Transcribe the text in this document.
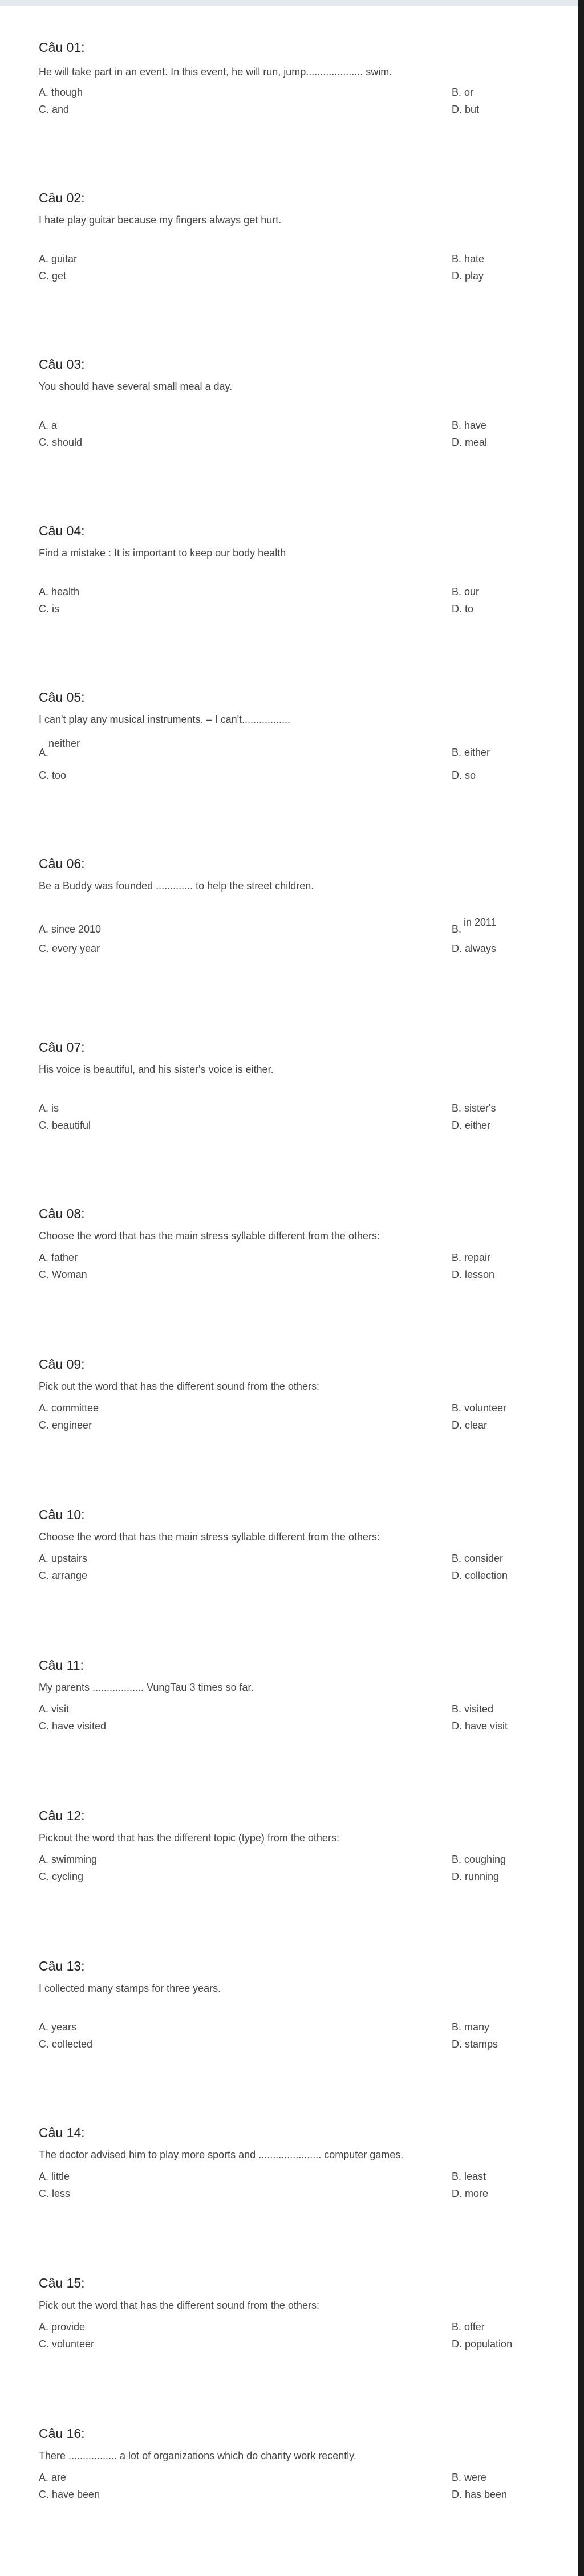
Câu 01:
He will take part in an event. In this event, he will run, jump.................... swim.
A. though	B. or
C. and	D. but
Câu 02:
I hate play guitar because my fingers always get hurt.
A. guitar	B. hate
C. get	D. play
Câu 03:
You should have several small meal a day.
A. a	B. have
C. should	D. meal
Câu 04:
Find a mistake : It is important to keep our body health
A. health	B. our
C. is	D. to
Câu 05:
I can't play any musical instruments. – I can't.................
A.neither
B. either
C. too	D. so
Câu 06:
Be a Buddy was founded ............. to help the street children.
A. since 2010	B.in 2011
C. every year	D. always
Câu 07:
His voice is beautiful, and his sister's voice is either.
A. is	B. sister's
C. beautiful	D. either
Câu 08:
Choose the word that has the main stress syllable different from the others:
A. father	B. repair
C. Woman	D. lesson
Câu 09:
Pick out the word that has the different sound from the others:
A. committee	B. volunteer
C. engineer	D. clear
Câu 10:
Choose the word that has the main stress syllable different from the others:
A. upstairs	B. consider
C. arrange	D. collection
Câu 11:
My parents .................. VungTau 3 times so far.
A. visit	B. visited
C. have visited	D. have visit
Câu 12:
Pickout the word that has the different topic (type) from the others:
A. swimming	B. coughing
C. cycling	D. running
Câu 13:
I collected many stamps for three years.
A. years	B. many
C. collected	D. stamps
Câu 14:
The doctor advised him to play more sports and ...................... computer games.
A. little	B. least
C. less	D. more
Câu 15:
Pick out the word that has the different sound from the others:
A. provide	B. offer
C. volunteer	D. population
Câu 16:
There ................. a lot of organizations which do charity work recently.
A. are	B. were
C. have been	D. has been
